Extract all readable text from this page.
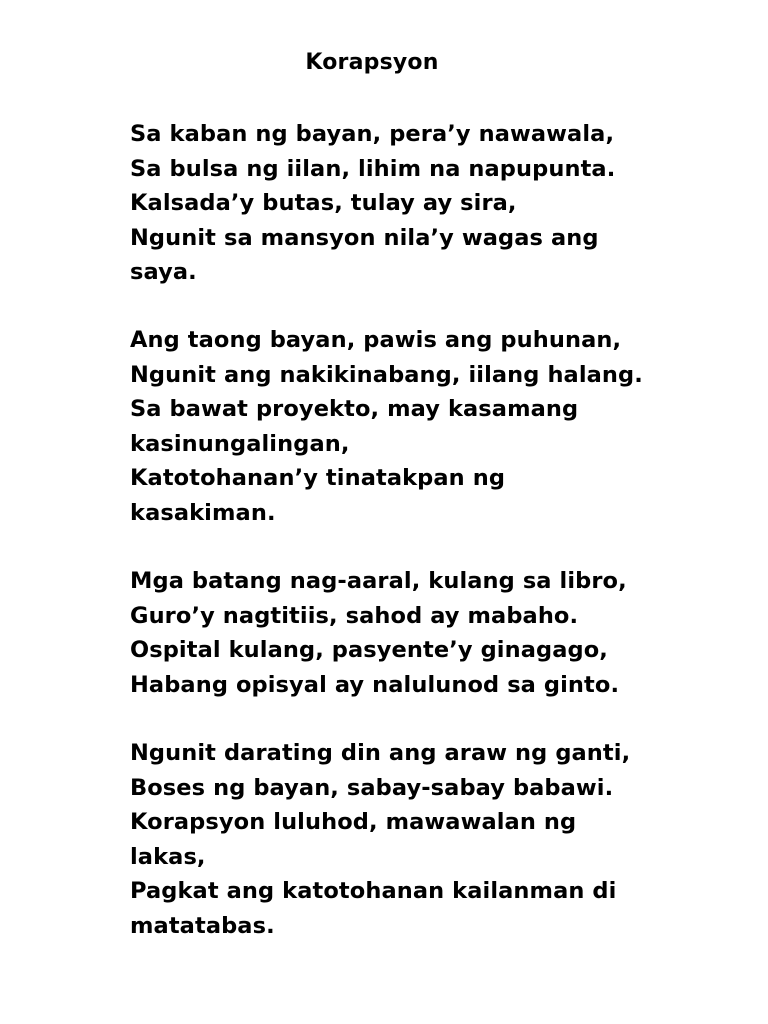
Korapsyon
Sa kaban ng bayan, pera’y nawawala,
Sa bulsa ng iilan, lihim na napupunta.
Kalsada’y butas, tulay ay sira,
Ngunit sa mansyon nila’y wagas ang
saya.
Ang taong bayan, pawis ang puhunan,
Ngunit ang nakikinabang, iilang halang.
Sa bawat proyekto, may kasamang
kasinungalingan,
Katotohanan’y tinatakpan ng
kasakiman.
Mga batang nag-aaral, kulang sa libro,
Guro’y nagtitiis, sahod ay mabaho.
Ospital kulang, pasyente’y ginagago,
Habang opisyal ay nalulunod sa ginto.
Ngunit darating din ang araw ng ganti,
Boses ng bayan, sabay-sabay babawi.
Korapsyon luluhod, mawawalan ng
lakas,
Pagkat ang katotohanan kailanman di
matatabas.
